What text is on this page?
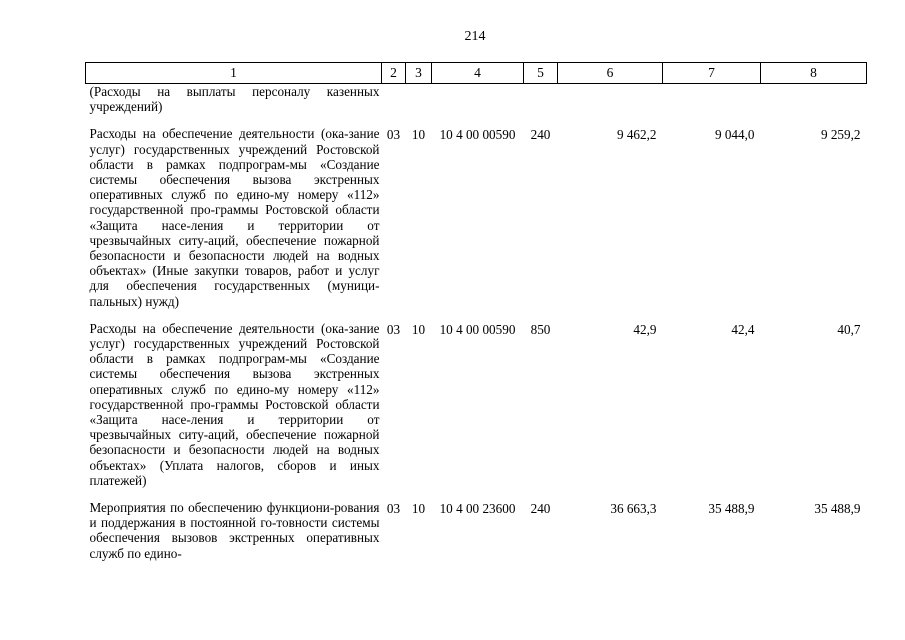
214
1	2	3	4	5	6	7	8
(Расходы на выплаты персоналу казенных учреждений)							
Расходы на обеспечение деятельности (ока-зание услуг) государственных учреждений Ростовской области в рамках подпрограм-мы «Создание системы обеспечения вызова экстренных оперативных служб по едино-му номеру «112» государственной про-граммы Ростовской области «Защита насе-ления и территории от чрезвычайных ситу-аций, обеспечение пожарной безопасности и безопасности людей на водных объектах» (Иные закупки товаров, работ и услуг для обеспечения государственных (муници-пальных) нужд)	03	10	10 4 00 00590	240	9 462,2	9 044,0	9 259,2
Расходы на обеспечение деятельности (ока-зание услуг) государственных учреждений Ростовской области в рамках подпрограм-мы «Создание системы обеспечения вызова экстренных оперативных служб по едино-му номеру «112» государственной про-граммы Ростовской области «Защита насе-ления и территории от чрезвычайных ситу-аций, обеспечение пожарной безопасности и безопасности людей на водных объектах» (Уплата налогов, сборов и иных платежей)	03	10	10 4 00 00590	850	42,9	42,4	40,7
Мероприятия по обеспечению функциони-рования и поддержания в постоянной го-товности системы обеспечения вызовов экстренных оперативных служб по едино-	03	10	10 4 00 23600	240	36 663,3	35 488,9	35 488,9
